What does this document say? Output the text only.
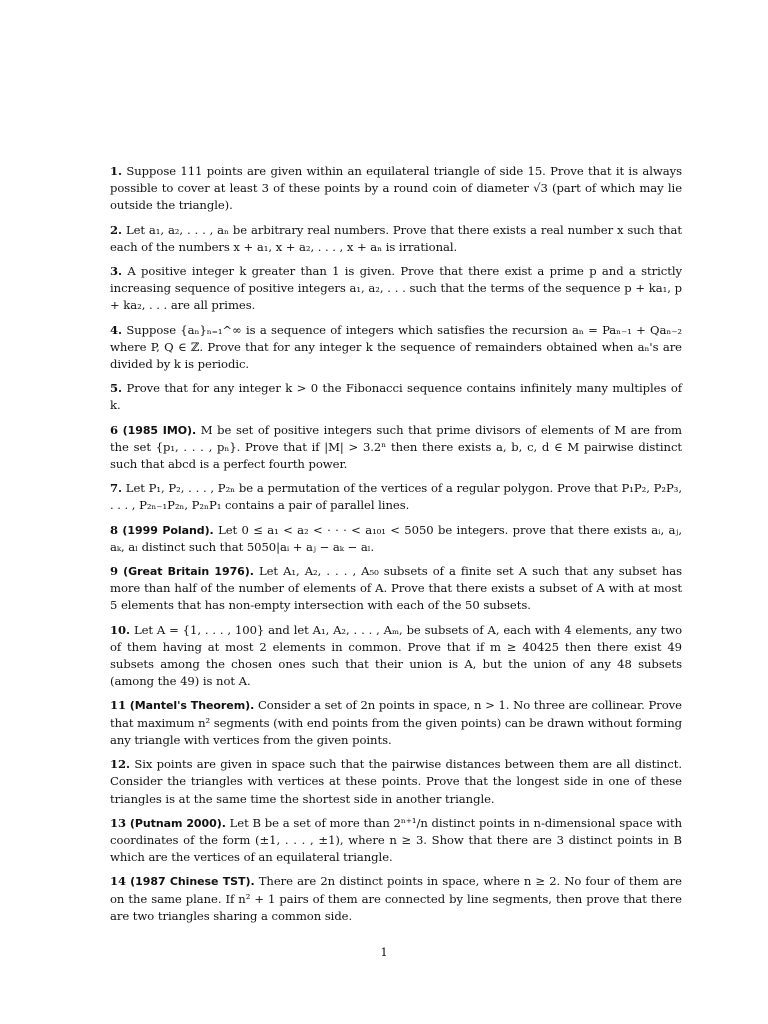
1. Suppose 111 points are given within an equilateral triangle of side 15. Prove that it is always possible to cover at least 3 of these points by a round coin of diameter √3 (part of which may lie outside the triangle).

2. Let a₁, a₂, . . . , aₙ be arbitrary real numbers. Prove that there exists a real number x such that each of the numbers x + a₁, x + a₂, . . . , x + aₙ is irrational.

3. A positive integer k greater than 1 is given. Prove that there exist a prime p and a strictly increasing sequence of positive integers a₁, a₂, . . . such that the terms of the sequence p + ka₁, p + ka₂, . . . are all primes.

4. Suppose {aₙ}ₙ₌₁^∞ is a sequence of integers which satisfies the recursion aₙ = Paₙ₋₁ + Qaₙ₋₂ where P, Q ∈ ℤ. Prove that for any integer k the sequence of remainders obtained when aₙ's are divided by k is periodic.

5. Prove that for any integer k > 0 the Fibonacci sequence contains infinitely many multiples of k.

6 (1985 IMO). M be set of positive integers such that prime divisors of elements of M are from the set {p₁, . . . , pₙ}. Prove that if |M| > 3.2ⁿ then there exists a, b, c, d ∈ M pairwise distinct such that abcd is a perfect fourth power.

7. Let P₁, P₂, . . . , P₂ₙ be a permutation of the vertices of a regular polygon. Prove that P₁P₂, P₂P₃, . . . , P₂ₙ₋₁P₂ₙ, P₂ₙP₁ contains a pair of parallel lines.

8 (1999 Poland). Let 0 ≤ a₁ < a₂ < · · · < a₁₀₁ < 5050 be integers. prove that there exists aᵢ, aⱼ, aₖ, aₗ distinct such that 5050|aᵢ + aⱼ − aₖ − aₗ.

9 (Great Britain 1976). Let A₁, A₂, . . . , A₅₀ subsets of a finite set A such that any subset has more than half of the number of elements of A. Prove that there exists a subset of A with at most 5 elements that has non-empty intersection with each of the 50 subsets.

10. Let A = {1, . . . , 100} and let A₁, A₂, . . . , Aₘ, be subsets of A, each with 4 elements, any two of them having at most 2 elements in common. Prove that if m ≥ 40425 then there exist 49 subsets among the chosen ones such that their union is A, but the union of any 48 subsets (among the 49) is not A.

11 (Mantel's Theorem). Consider a set of 2n points in space, n > 1. No three are collinear. Prove that maximum n² segments (with end points from the given points) can be drawn without forming any triangle with vertices from the given points.

12. Six points are given in space such that the pairwise distances between them are all distinct. Consider the triangles with vertices at these points. Prove that the longest side in one of these triangles is at the same time the shortest side in another triangle.

13 (Putnam 2000). Let B be a set of more than 2ⁿ⁺¹/n distinct points in n-dimensional space with coordinates of the form (±1, . . . , ±1), where n ≥ 3. Show that there are 3 distinct points in B which are the vertices of an equilateral triangle.

14 (1987 Chinese TST). There are 2n distinct points in space, where n ≥ 2. No four of them are on the same plane. If n² + 1 pairs of them are connected by line segments, then prove that there are two triangles sharing a common side.

1
